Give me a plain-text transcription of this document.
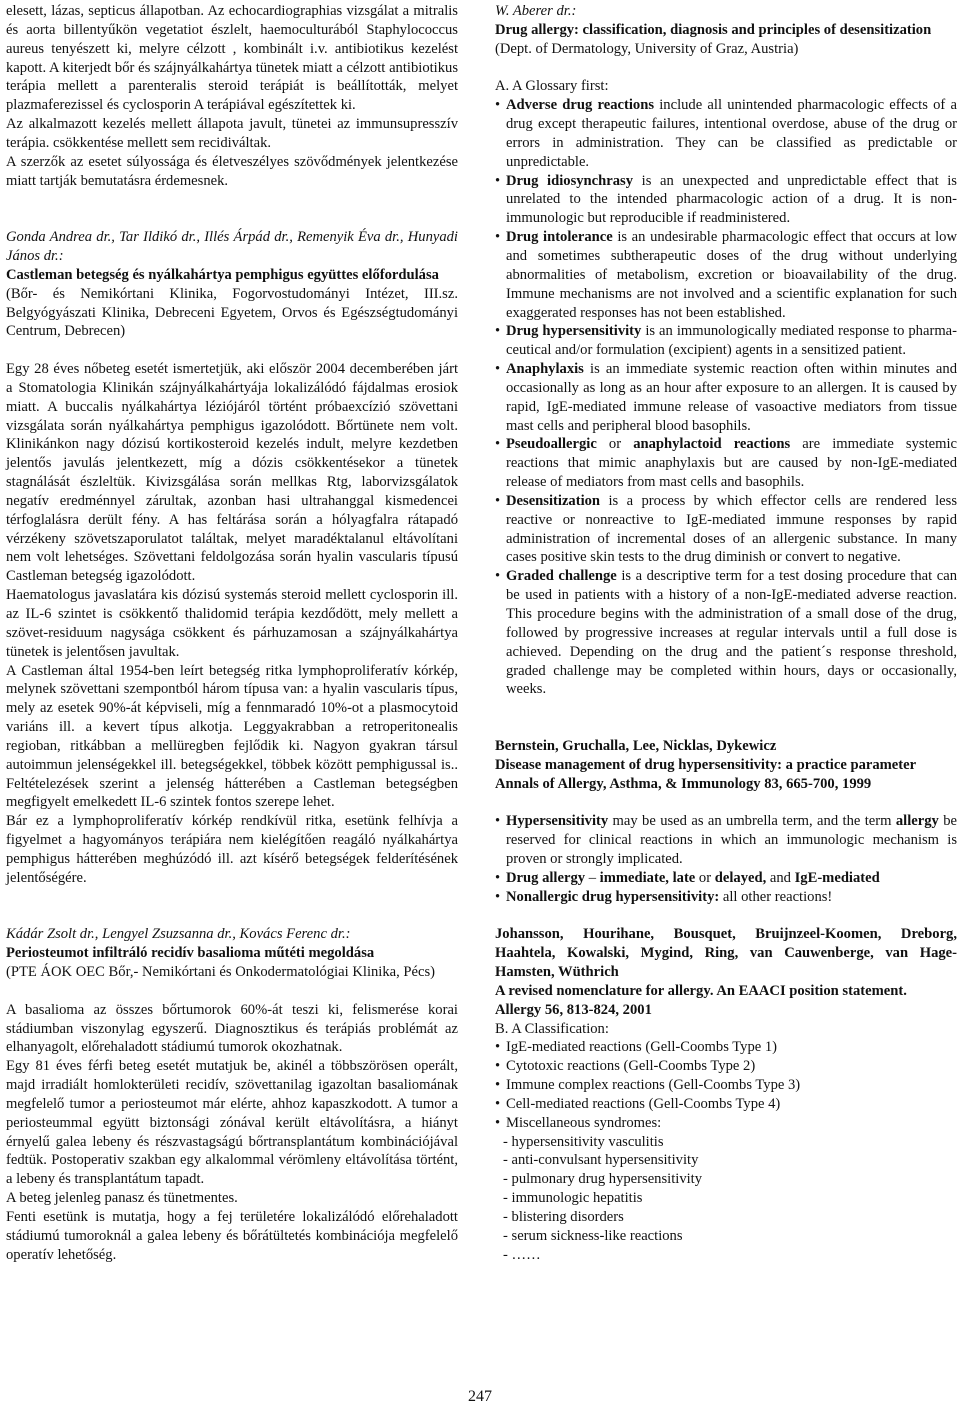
elesett, lázas, septicus állapotban. Az echocardiographias vizsgálat a mitralis és aorta billentyűkön vegetatiot észlelt, haemoculturából Staphylococcus aureus tenyészett ki, melyre célzott , kombinált i.v. antibiotikus kezelést kapott. A kiterjedt bőr és szájnyálkahártya tünetek miatt a célzott antibiotikus terápia mellett a parenteralis steroid terápiát is beállították, melyet plazmaferezissel és cyclosporin A terápiával egészítettek ki.

Az alkalmazott kezelés mellett állapota javult, tünetei az immunsupresszív terápia. csökkentése mellett sem recidiváltak.

A szerzők az esetet súlyossága és életveszélyes szövődmények jelentkezése miatt tartják bemutatásra érdemesnek.

Gonda Andrea dr., Tar Ildikó dr., Illés Árpád dr., Remenyik Éva dr., Hunyadi János dr.:

Castleman betegség és nyálkahártya pemphigus együttes előfordulása

(Bőr- és Nemikórtani Klinika, Fogorvostudományi Intézet, III.sz. Belgyógyászati Klinika, Debreceni Egyetem, Orvos és Egészségtudományi Centrum, Debrecen)

Egy 28 éves nőbeteg esetét ismertetjük, aki először 2004 decemberében járt a Stomatologia Klinikán szájnyálkahártyája lokalizálódó fájdalmas erosiok miatt. A buccalis nyálkahártya léziójáról történt próbaexcízió szövettani vizsgálata során nyálkahártya pemphigus igazolódott. Bőrtünete nem volt. Klinikánkon nagy dózisú kortikosteroid kezelés indult, melyre kezdetben jelentős javulás jelentkezett, míg a dózis csökkentésekor a tünetek stagnálását észleltük. Kivizsgálása során mellkas Rtg, laborvizsgálatok negatív eredménnyel zárultak, azonban hasi ultrahanggal kismedencei térfoglalásra derült fény. A has feltárása során a hólyagfalra rátapadó vérzékeny szövetszaporulatot találtak, melyet maradéktalanul eltávolítani nem volt lehetséges. Szövettani feldolgozása során hyalin vascularis típusú Castleman betegség igazolódott.

Haematologus javaslatára kis dózisú systemás steroid mellett cyclosporin ill. az IL-6 szintet is csökkentő thalidomid terápia kezdődött, mely mellett a szövet-residuum nagysága csökkent és párhuzamosan a szájnyálkahártya tünetek is jelentősen javultak.

A Castleman által 1954-ben leírt betegség ritka lymphoproliferatív kórkép, melynek szövettani szempontból három típusa van: a hyalin vascularis típus, mely az esetek 90%-át képviseli, míg a fennmaradó 10%-ot a plasmocytoid variáns ill. a kevert típus alkotja. Leggyakrabban a retroperitonealis regioban, ritkábban a mellüregben fejlődik ki. Nagyon gyakran társul autoimmun jelenségekkel ill. betegségekkel, többek között pemphigussal is.. Feltételezések szerint a jelenség hátterében a Castleman betegségben megfigyelt emelkedett IL-6 szintek fontos szerepe lehet.

Bár ez a lymphoproliferatív kórkép rendkívül ritka, esetünk felhívja a figyelmet a hagyományos terápiára nem kielégítően reagáló nyálkahártya pemphigus hátterében meghúzódó ill. azt kísérő betegségek felderítésének jelentőségére.

Kádár Zsolt dr., Lengyel Zsuzsanna dr., Kovács Ferenc dr.:

Periosteumot infiltráló recidív basalioma műtéti megoldása

(PTE ÁOK OEC Bőr,- Nemikórtani és Onkodermatológiai Klinika, Pécs)

A basalioma az összes bőrtumorok 60%-át teszi ki, felismerése korai stádiumban viszonylag egyszerű. Diagnosztikus és terápiás problémát az elhanyagolt, előrehaladott stádiumú tumorok okozhatnak.

Egy 81 éves férfi beteg esetét mutatjuk be, akinél a többszörösen operált, majd irradiált homlokterületi recidív, szövettanilag igazoltan basaliomának megfelelő tumor a periosteumot már elérte, ahhoz kapaszkodott. A tumor a periosteummal együtt biztonsági zónával került eltávolításra, a hiányt érnyelű galea lebeny és részvastagságú bőrtransplantátum kombinációjával fedtük. Postoperativ szakban egy alkalommal vérömleny eltávolítása történt, a lebeny és transplantátum tapadt.

A beteg jelenleg panasz és tünetmentes.

Fenti esetünk is mutatja, hogy a fej területére lokalizálódó előrehaladott stádiumú tumoroknál a galea lebeny és bőrátültetés kombinációja megfelelő operatív lehetőség.

W. Aberer dr.:

Drug allergy: classification, diagnosis and principles of desensitization

(Dept. of Dermatology, University of Graz, Austria)

A. A Glossary first:

• Adverse drug reactions include all unintended pharmacologic effects of a drug except therapeutic failures, intentional overdose, abuse of the drug or errors in administration. They can be classified as predictable or unpredictable.
• Drug idiosynchrasy is an unexpected and unpredictable effect that is unrelated to the intended pharmacologic action of a drug. It is non-immunologic but reproducible if readministered.
• Drug intolerance is an undesirable pharmacologic effect that occurs at low and sometimes subtherapeutic doses of the drug without underlying abnormalities of metabolism, excretion or bioavailability of the drug. Immune mechanisms are not involved and a scientific explanation for such exaggerated responses has not been established.
• Drug hypersensitivity is an immunologically mediated response to pharma-ceutical and/or formulation (excipient) agents in a sensitized patient.
• Anaphylaxis is an immediate systemic reaction often within minutes and occasionally as long as an hour after exposure to an allergen. It is caused by rapid, IgE-mediated immune release of vasoactive mediators from tissue mast cells and peripheral blood basophils.
• Pseudoallergic or anaphylactoid reactions are immediate systemic reactions that mimic anaphylaxis but are caused by non-IgE-mediated release of mediators from mast cells and basophils.
• Desensitization is a process by which effector cells are rendered less reactive or nonreactive to IgE-mediated immune responses by rapid administration of incremental doses of an allergenic substance. In many cases positive skin tests to the drug diminish or convert to negative.
• Graded challenge is a descriptive term for a test dosing procedure that can be used in patients with a history of a non-IgE-mediated adverse reaction. This procedure begins with the administration of a small dose of the drug, followed by progressive increases at regular intervals until a full dose is achieved. Depending on the drug and the patient´s response threshold, graded challenge may be completed within hours, days or occasionally, weeks.

Bernstein, Gruchalla, Lee, Nicklas, Dykewicz

Disease management of drug hypersensitivity: a practice parameter

Annals of Allergy, Asthma, & Immunology 83, 665-700, 1999

• Hypersensitivity may be used as an umbrella term, and the term allergy be reserved for clinical reactions in which an immunologic mechanism is proven or strongly implicated.
• Drug allergy – immediate, late or delayed, and IgE-mediated
• Nonallergic drug hypersensitivity: all other reactions!

Johansson, Hourihane, Bousquet, Bruijnzeel-Koomen, Dreborg, Haahtela, Kowalski, Mygind, Ring, van Cauwenberge, van Hage-Hamsten, Wüthrich

A revised nomenclature for allergy. An EAACI position statement.

Allergy 56, 813-824, 2001

B. A Classification:

• IgE-mediated reactions (Gell-Coombs Type 1)
• Cytotoxic reactions (Gell-Coombs Type 2)
• Immune complex reactions (Gell-Coombs Type 3)
• Cell-mediated reactions (Gell-Coombs Type 4)
• Miscellaneous syndromes:
- hypersensitivity vasculitis
- anti-convulsant hypersensitivity
- pulmonary drug hypersensitivity
- immunologic hepatitis
- blistering disorders
- serum sickness-like reactions
- ……
247
